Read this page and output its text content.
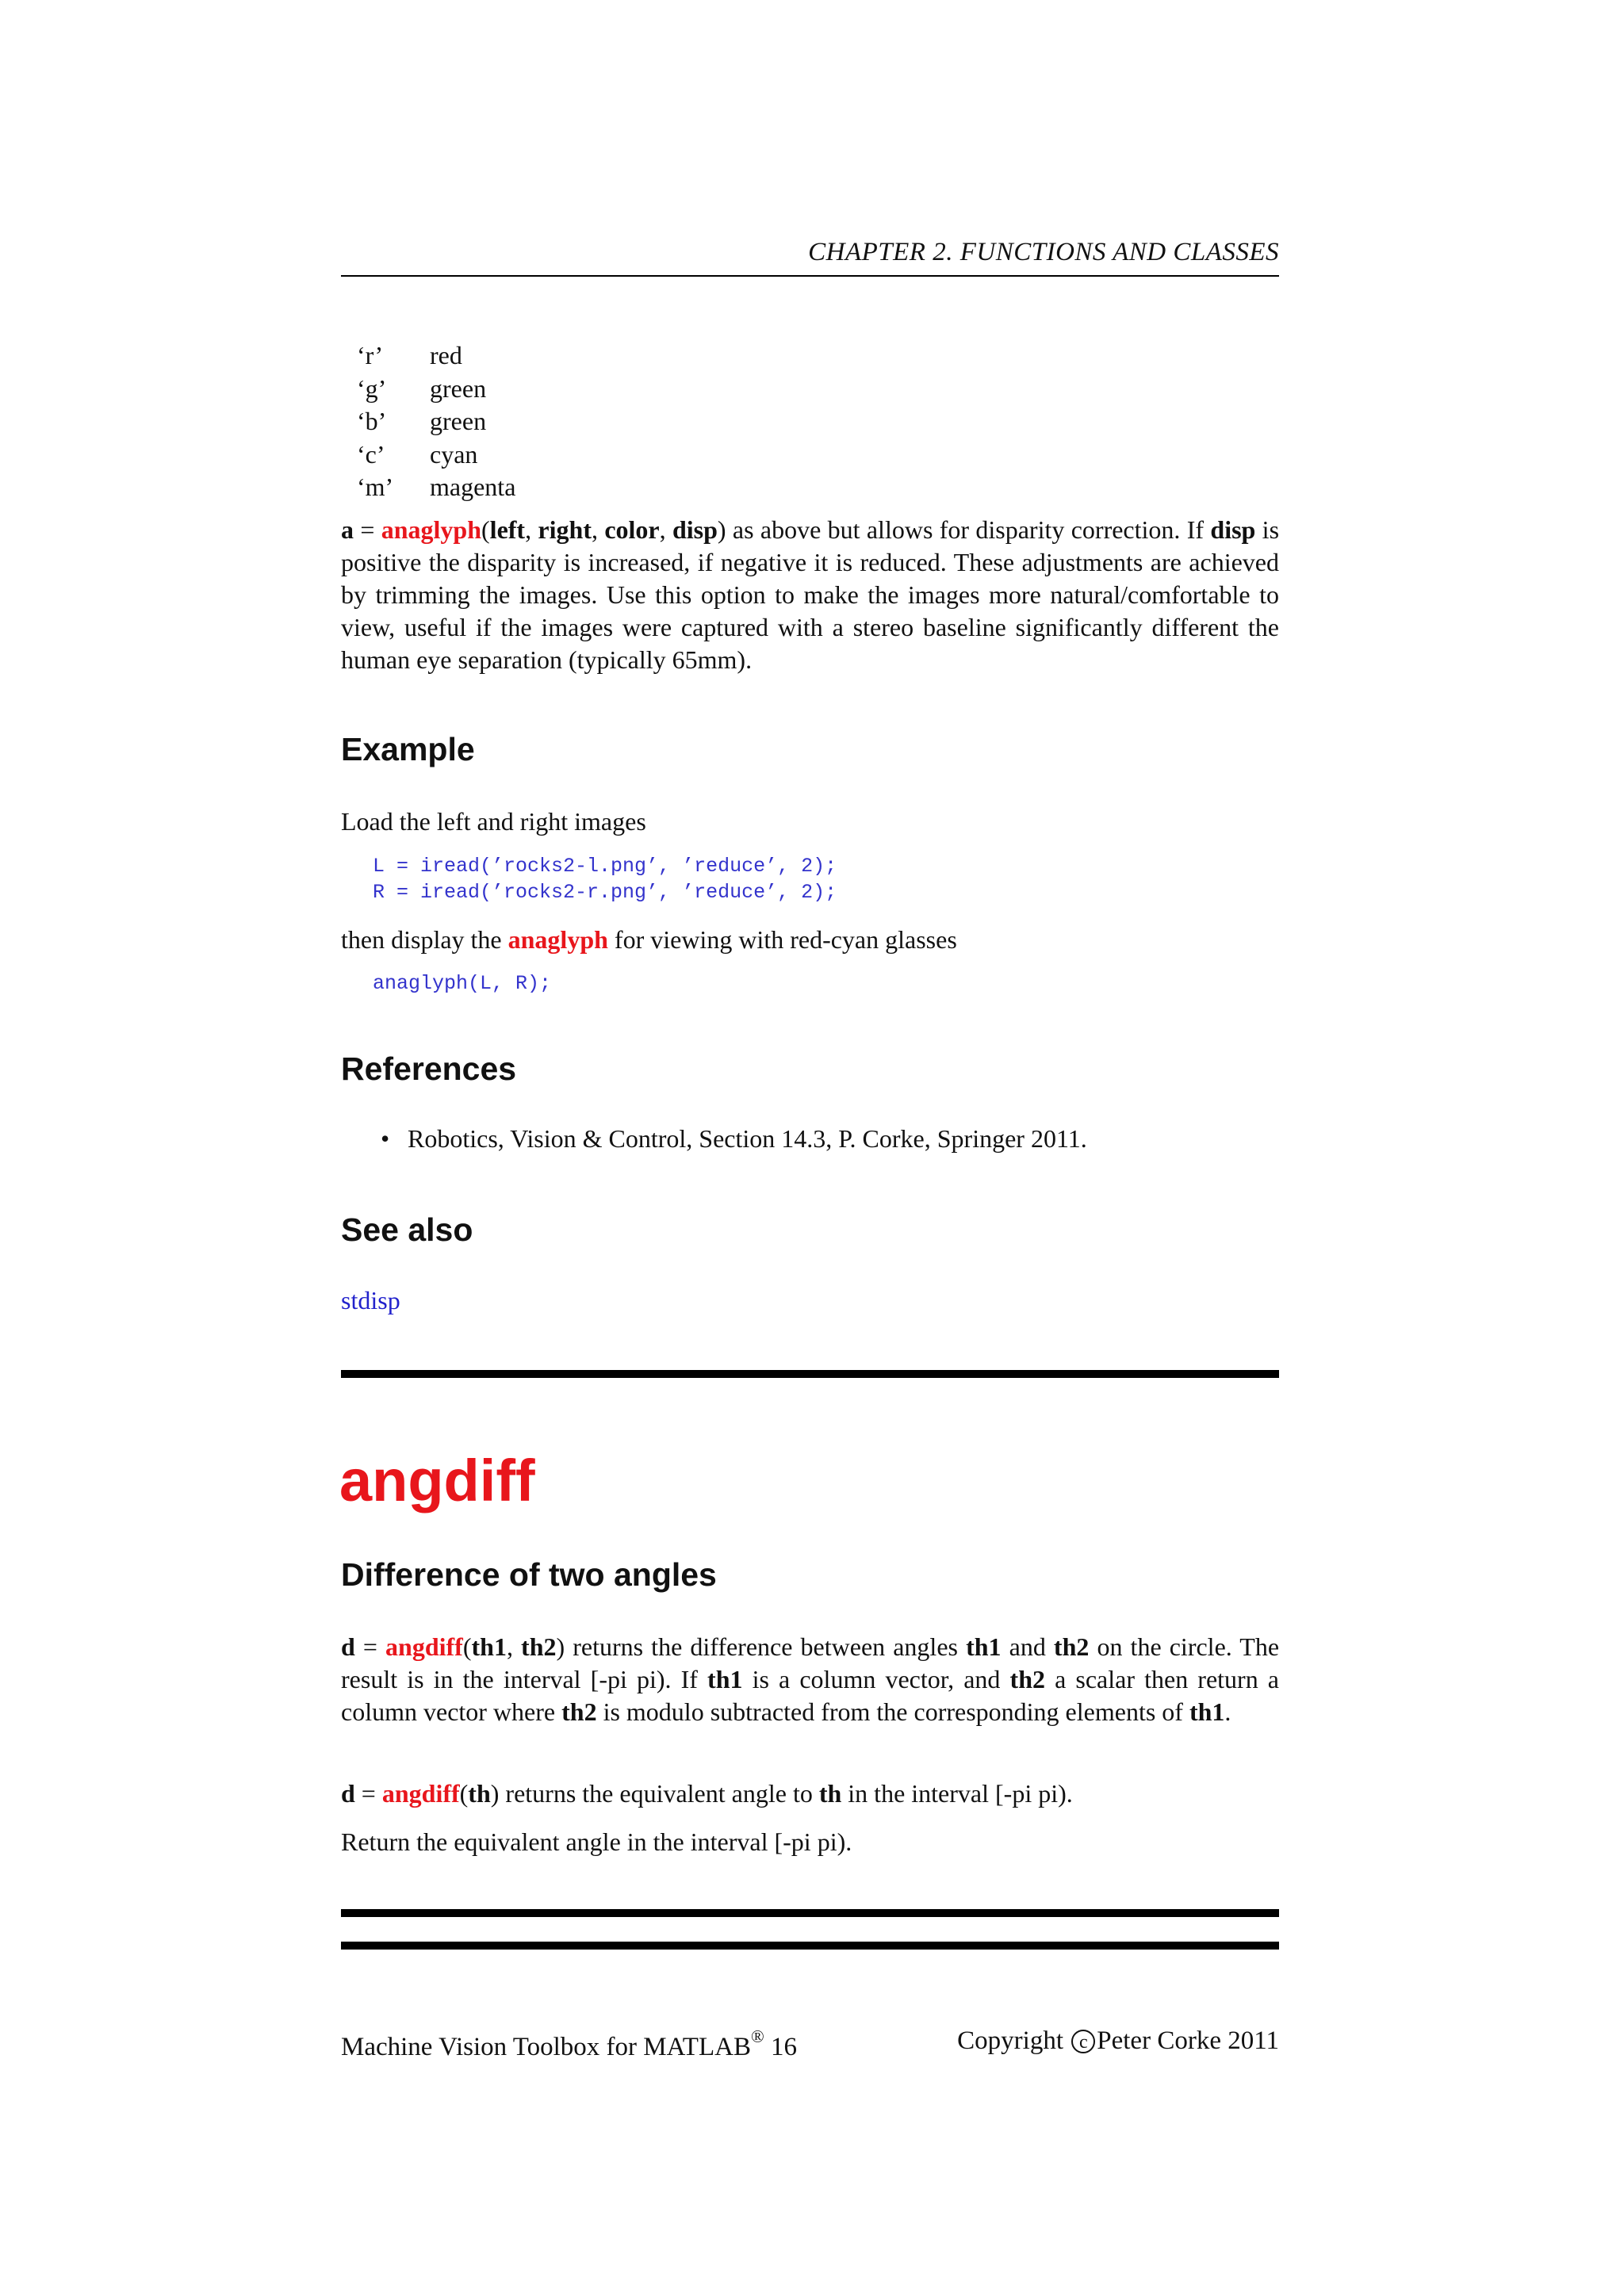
CHAPTER 2. FUNCTIONS AND CLASSES
‘r’	red
‘g’	green
‘b’	green
‘c’	cyan
‘m’	magenta
a = anaglyph(left, right, color, disp) as above but allows for disparity correction. If disp is positive the disparity is increased, if negative it is reduced. These adjustments are achieved by trimming the images. Use this option to make the images more natural/comfortable to view, useful if the images were captured with a stereo baseline significantly different the human eye separation (typically 65mm).
Example
Load the left and right images
L = iread(’rocks2-l.png’, ’reduce’, 2);
R = iread(’rocks2-r.png’, ’reduce’, 2);
then display the anaglyph for viewing with red-cyan glasses
anaglyph(L, R);
References
• Robotics, Vision & Control, Section 14.3, P. Corke, Springer 2011.
See also
stdisp
angdiff
Difference of two angles
d = angdiff(th1, th2) returns the difference between angles th1 and th2 on the circle. The result is in the interval [-pi pi). If th1 is a column vector, and th2 a scalar then return a column vector where th2 is modulo subtracted from the corresponding elements of th1.
d = angdiff(th) returns the equivalent angle to th in the interval [-pi pi).
Return the equivalent angle in the interval [-pi pi).
Machine Vision Toolbox for MATLAB® 16	Copyright
c Peter Corke 2011
